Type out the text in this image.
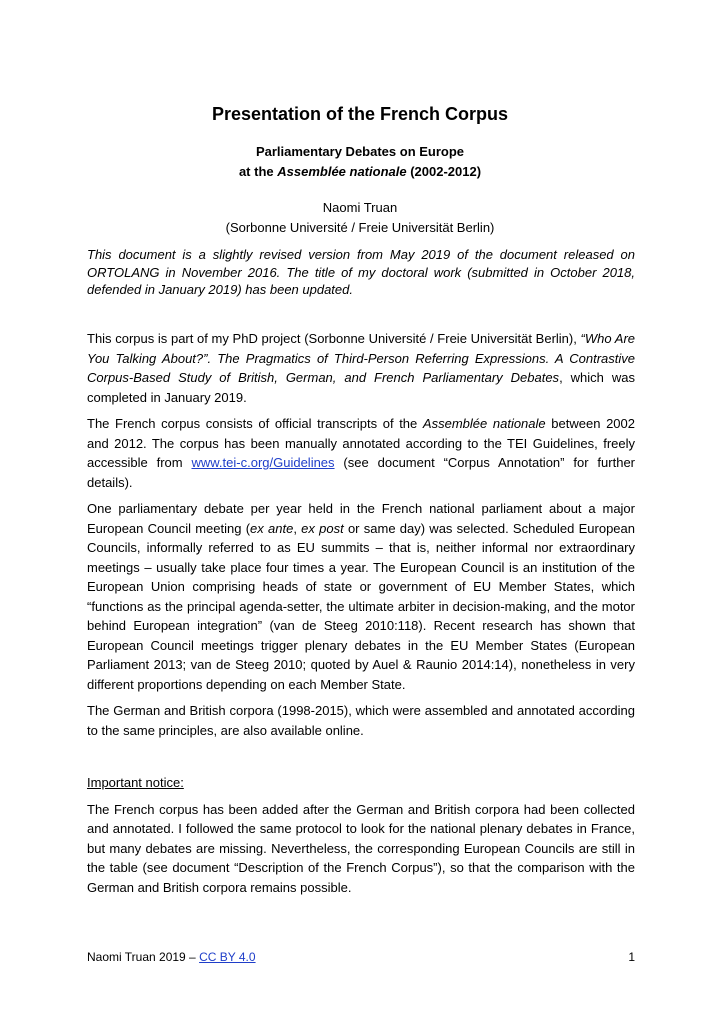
Presentation of the French Corpus
Parliamentary Debates on Europe
at the Assemblée nationale (2002-2012)
Naomi Truan
(Sorbonne Université / Freie Universität Berlin)
This document is a slightly revised version from May 2019 of the document released on ORTOLANG in November 2016. The title of my doctoral work (submitted in October 2018, defended in January 2019) has been updated.

This corpus is part of my PhD project (Sorbonne Université / Freie Universität Berlin), “Who Are You Talking About?”. The Pragmatics of Third-Person Referring Expressions. A Contrastive Corpus-Based Study of British, German, and French Parliamentary Debates, which was completed in January 2019.

The French corpus consists of official transcripts of the Assemblée nationale between 2002 and 2012. The corpus has been manually annotated according to the TEI Guidelines, freely accessible from www.tei-c.org/Guidelines (see document “Corpus Annotation” for further details).

One parliamentary debate per year held in the French national parliament about a major European Council meeting (ex ante, ex post or same day) was selected. Scheduled European Councils, informally referred to as EU summits – that is, neither informal nor extraordinary meetings – usually take place four times a year. The European Council is an institution of the European Union comprising heads of state or government of EU Member States, which “functions as the principal agenda-setter, the ultimate arbiter in decision-making, and the motor behind European integration” (van de Steeg 2010:118). Recent research has shown that European Council meetings trigger plenary debates in the EU Member States (European Parliament 2013; van de Steeg 2010; quoted by Auel & Raunio 2014:14), nonetheless in very different proportions depending on each Member State.

The German and British corpora (1998-2015), which were assembled and annotated according to the same principles, are also available online.

Important notice:

The French corpus has been added after the German and British corpora had been collected and annotated. I followed the same protocol to look for the national plenary debates in France, but many debates are missing. Nevertheless, the corresponding European Councils are still in the table (see document “Description of the French Corpus”), so that the comparison with the German and British corpora remains possible.

Naomi Truan 2019 – CC BY 4.0	1
